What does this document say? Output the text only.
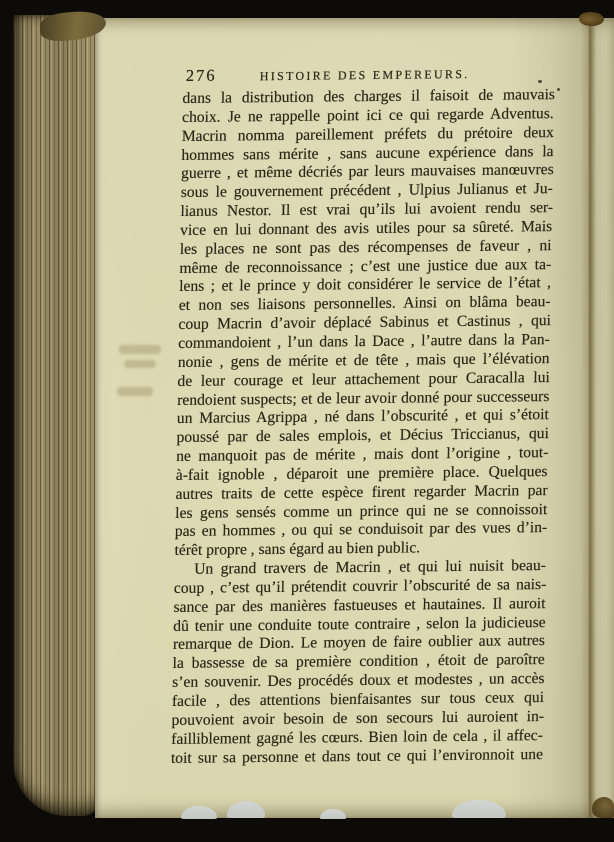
276	HISTOIRE DES EMPEREURS.
dans la distribution des charges il faisoit de mauvais
choix. Je ne rappelle point ici ce qui regarde Adventus.
Macrin nomma pareillement préfets du prétoire deux
hommes sans mérite , sans aucune expérience dans la
guerre , et même décriés par leurs mauvaises manœuvres
sous le gouvernement précédent , Ulpius Julianus et Ju-
lianus Nestor. Il est vrai qu’ils lui avoient rendu ser-
vice en lui donnant des avis utiles pour sa sûreté. Mais
les places ne sont pas des récompenses de faveur , ni
même de reconnoissance ; c’est une justice due aux ta-
lens ; et le prince y doit considérer le service de l’état ,
et non ses liaisons personnelles. Ainsi on blâma beau-
coup Macrin d’avoir déplacé Sabinus et Castinus , qui
commandoient , l’un dans la Dace , l’autre dans la Pan-
nonie , gens de mérite et de tête , mais que l’élévation
de leur courage et leur attachement pour Caracalla lui
rendoient suspects; et de leur avoir donné pour successeurs
un Marcius Agrippa , né dans l’obscurité , et qui s’étoit
poussé par de sales emplois, et Décius Triccianus, qui
ne manquoit pas de mérite , mais dont l’origine , tout-
à-fait ignoble , déparoit une première place. Quelques
autres traits de cette espèce firent regarder Macrin par
les gens sensés comme un prince qui ne se connoissoit
pas en hommes , ou qui se conduisoit par des vues d’in-
térêt propre , sans égard au bien public.
Un grand travers de Macrin , et qui lui nuisit beau-
coup , c’est qu’il prétendit couvrir l’obscurité de sa nais-
sance par des manières fastueuses et hautaines. Il auroit
dû tenir une conduite toute contraire , selon la judicieuse
remarque de Dion. Le moyen de faire oublier aux autres
la bassesse de sa première condition , étoit de paroître
s’en souvenir. Des procédés doux et modestes , un accès
facile , des attentions bienfaisantes sur tous ceux qui
pouvoient avoir besoin de son secours lui auroient in-
failliblement gagné les cœurs. Bien loin de cela , il affec-
toit sur sa personne et dans tout ce qui l’environnoit une
